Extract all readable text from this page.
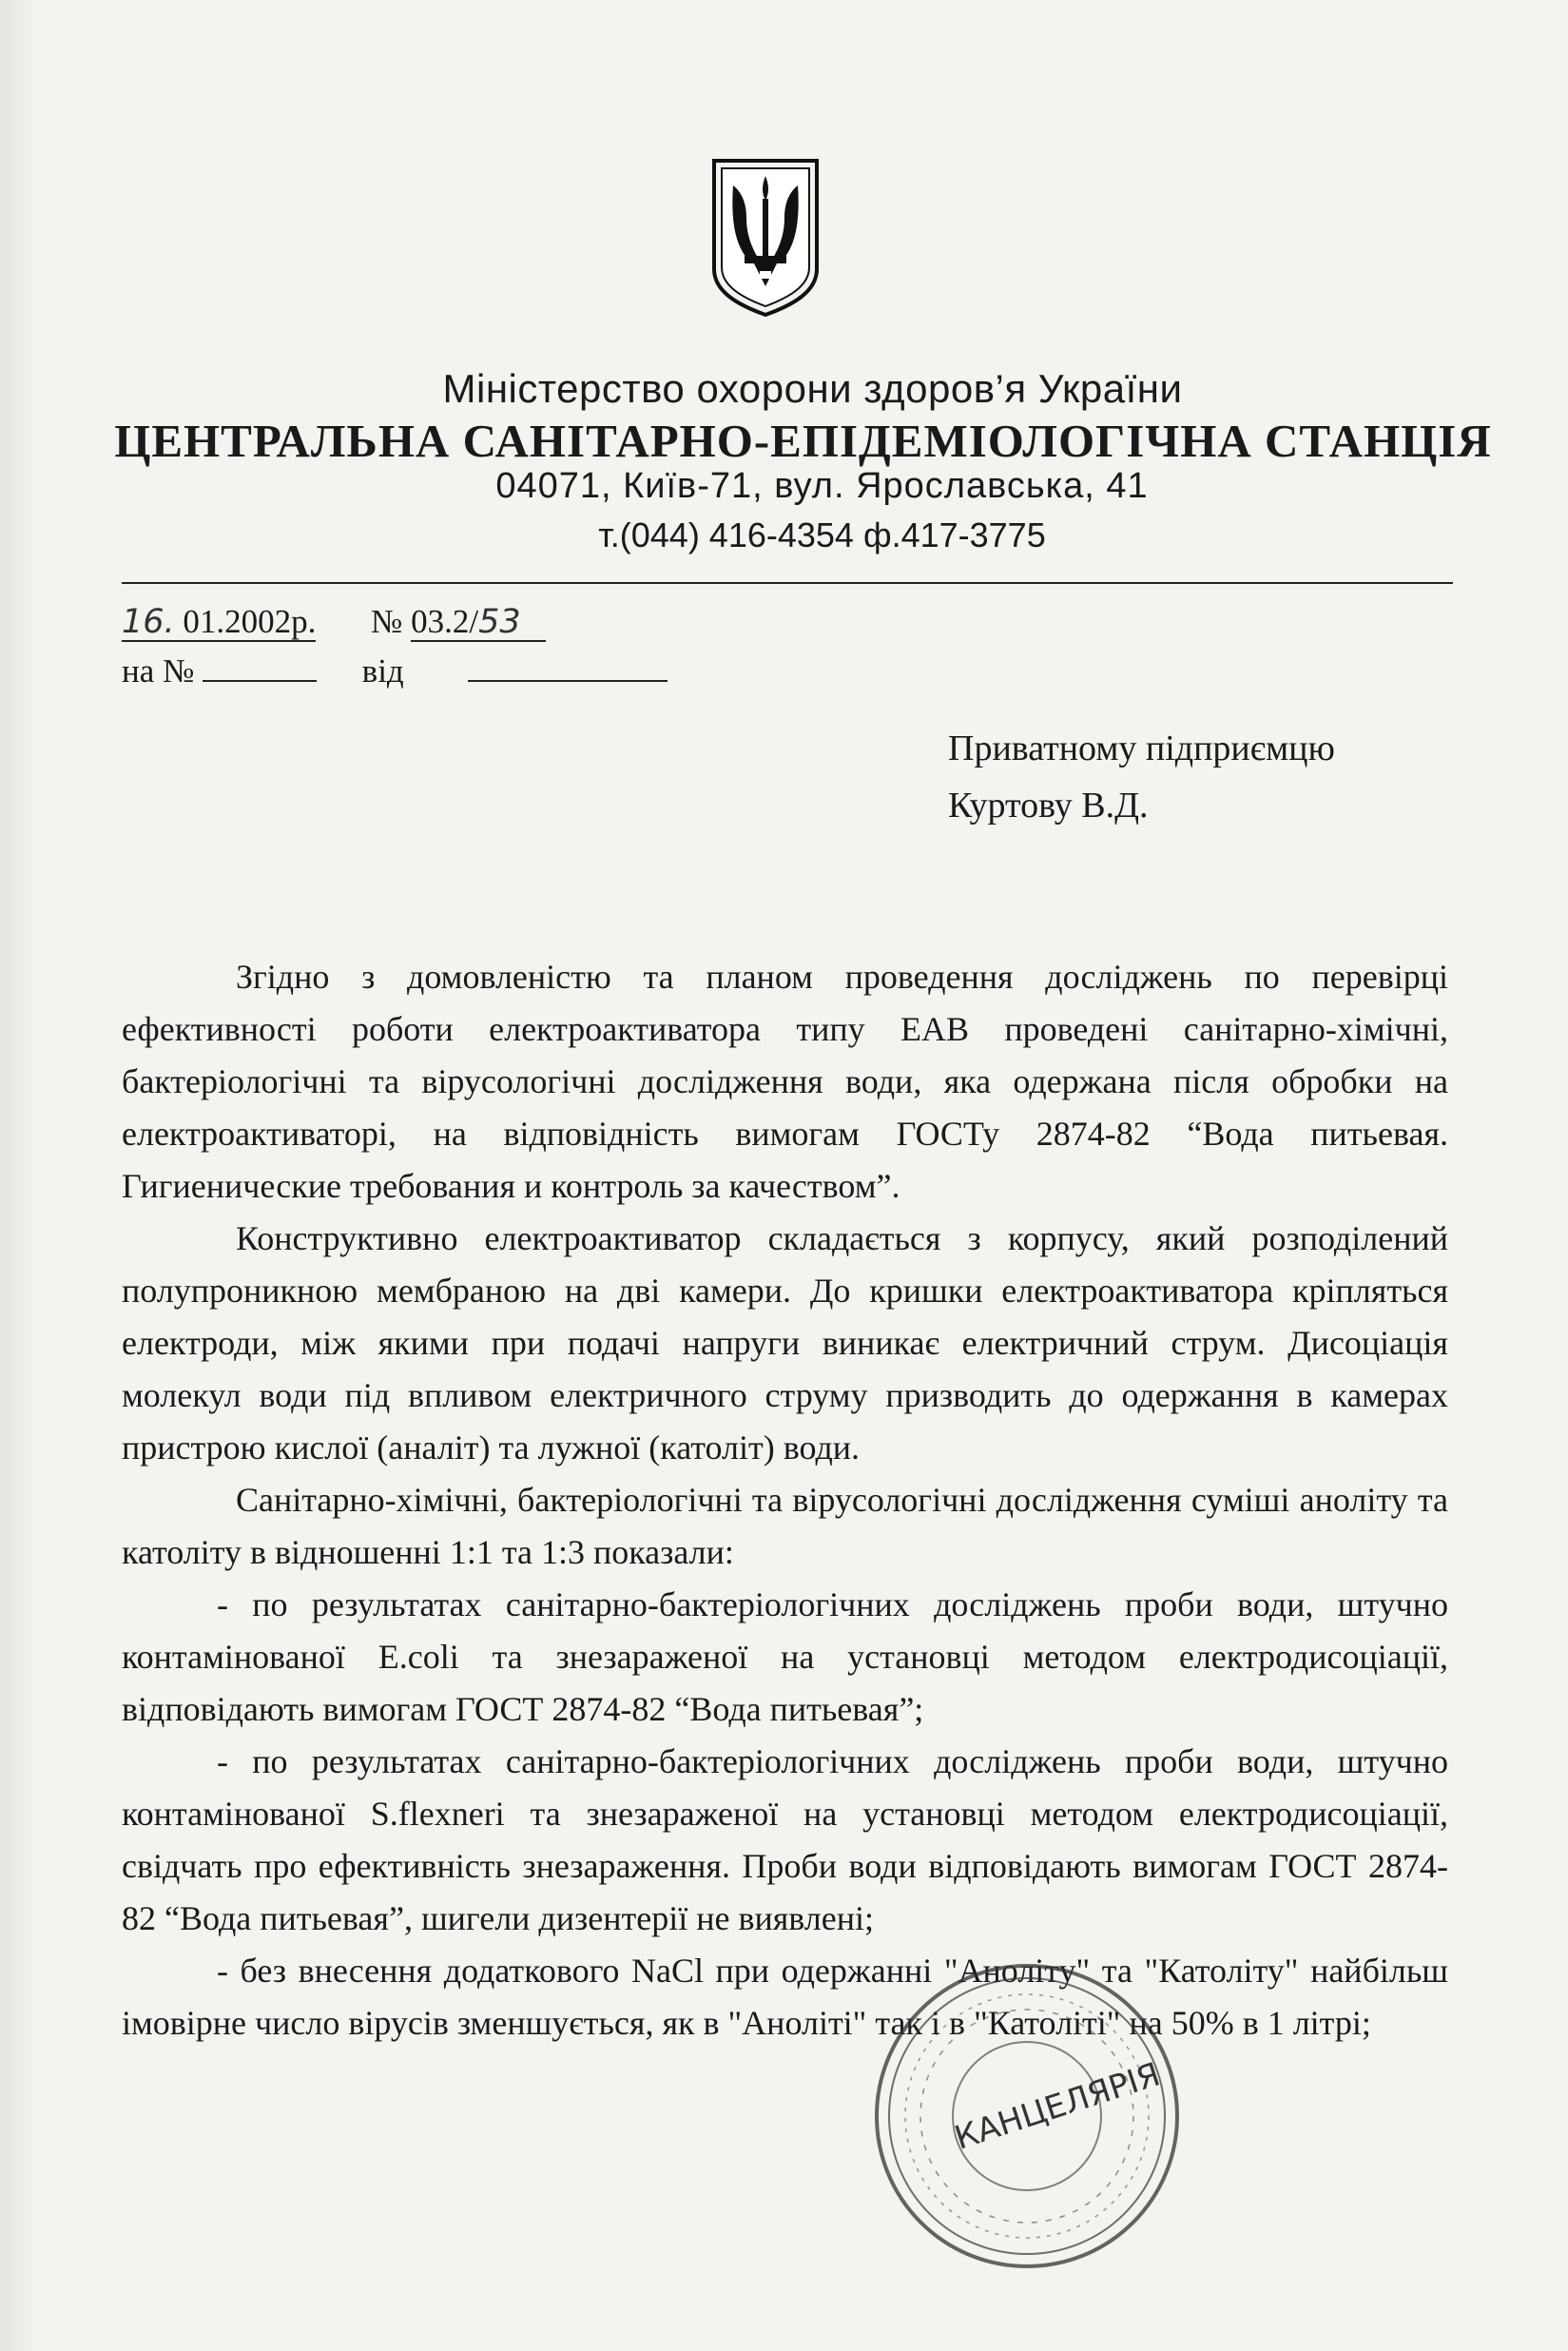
Міністерство охорони здоров’я України
ЦЕНТРАЛЬНА САНІТАРНО-ЕПІДЕМІОЛОГІЧНА СТАНЦІЯ
04071, Київ-71, вул. Ярославська, 41
т.(044) 416-4354 ф.417-3775
16. 01.2002р. № 03.2/53
на №	від
Приватному підприємцю
Куртову В.Д.

Згідно з домовленістю та планом проведення досліджень по перевірці ефективності роботи електроактиватора типу ЕАВ проведені санітарно-хімічні, бактеріологічні та вірусологічні дослідження води, яка одержана після обробки на електроактиваторі, на відповідність вимогам ГОСТу 2874-82 “Вода питьевая. Гигиенические требования и контроль за качеством”.

Конструктивно електроактиватор складається з корпусу, який розподілений полупроникною мембраною на дві камери. До кришки електроактиватора кріпляться електроди, між якими при подачі напруги виникає електричний струм. Дисоціація молекул води під впливом електричного струму призводить до одержання в камерах пристрою кислої (аналіт) та лужної (католіт) води.

Санітарно-хімічні, бактеріологічні та вірусологічні дослідження суміші аноліту та католіту в відношенні 1:1 та 1:3 показали:

- по результатах санітарно-бактеріологічних досліджень проби води, штучно контамінованої E.coli та знезараженої на установці методом електродисоціації, відповідають вимогам ГОСТ 2874-82 “Вода питьевая”;

- по результатах санітарно-бактеріологічних досліджень проби води, штучно контамінованої S.flexneri та знезараженої на установці методом електродисоціації, свідчать про ефективність знезараження. Проби води відповідають вимогам ГОСТ 2874-82 “Вода питьевая”, шигели дизентерії не виявлені;

- без внесення додаткового NaCl при одержанні "Аноліту" та "Католіту" найбільш імовірне число вірусів зменшується, як в "Аноліті" так і в "Католіті" на 50% в 1 літрі;

КАНЦЕЛЯРІЯ
